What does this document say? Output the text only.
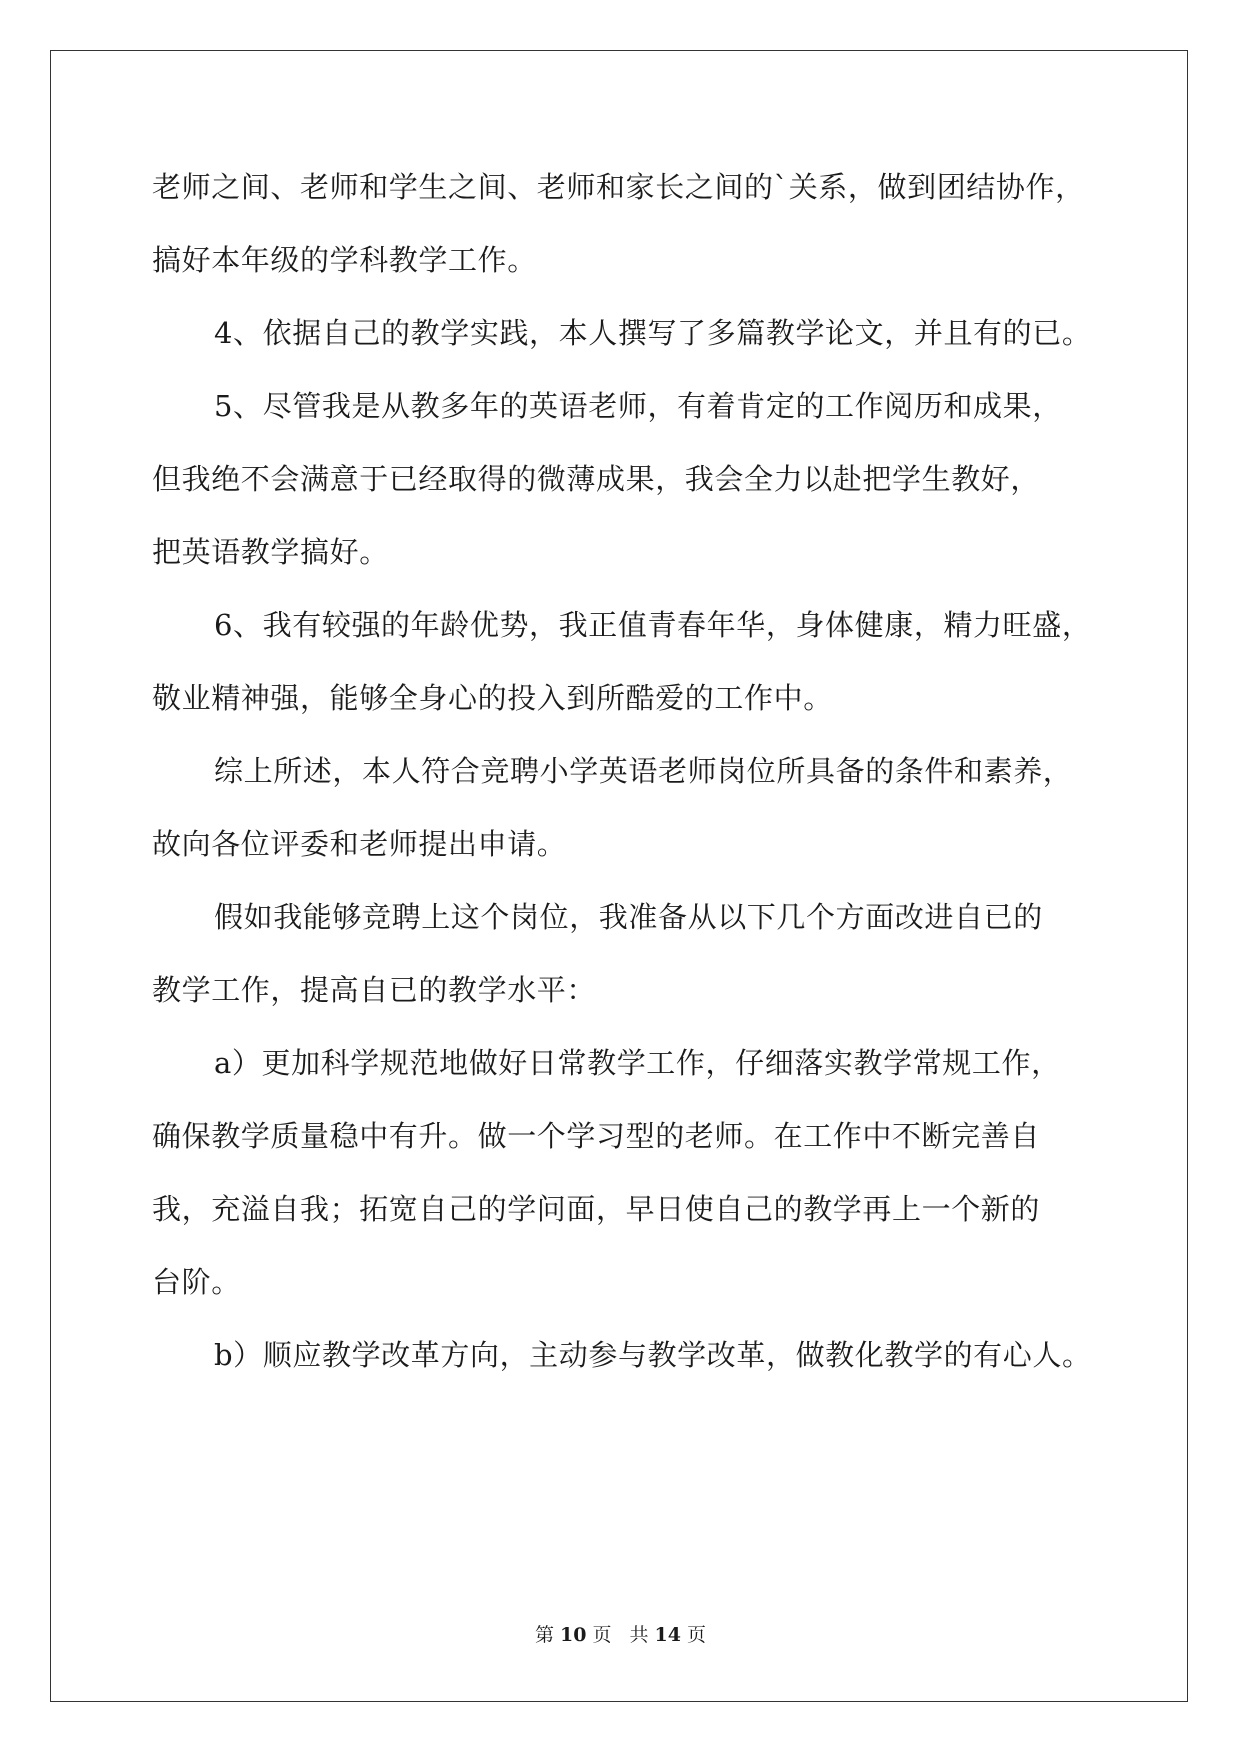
老师之间、老师和学生之间、老师和家长之间的`关系，做到团结协作，
搞好本年级的学科教学工作。
4、依据自己的教学实践，本人撰写了多篇教学论文，并且有的已。
5、尽管我是从教多年的英语老师，有着肯定的工作阅历和成果，
但我绝不会满意于已经取得的微薄成果，我会全力以赴把学生教好，
把英语教学搞好。
6、我有较强的年龄优势，我正值青春年华，身体健康，精力旺盛，
敬业精神强，能够全身心的投入到所酷爱的工作中。
综上所述，本人符合竞聘小学英语老师岗位所具备的条件和素养，
故向各位评委和老师提出申请。
假如我能够竞聘上这个岗位，我准备从以下几个方面改进自已的
教学工作，提高自已的教学水平：
a）更加科学规范地做好日常教学工作，仔细落实教学常规工作，
确保教学质量稳中有升。做一个学习型的老师。在工作中不断完善自
我，充溢自我；拓宽自己的学问面，早日使自己的教学再上一个新的
台阶。
b）顺应教学改革方向，主动参与教学改革，做教化教学的有心人。
第 10 页 共 14 页
